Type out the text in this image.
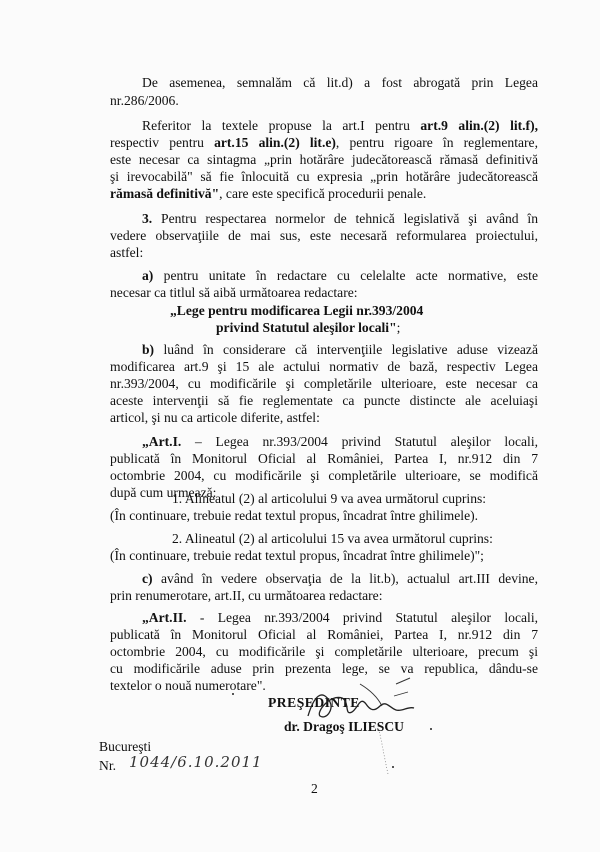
De asemenea, semnalăm că lit.d) a fost abrogată prin Legea
nr.286/2006.
Referitor la textele propuse la art.I pentru art.9 alin.(2) lit.f),
respectiv pentru art.15 alin.(2) lit.e), pentru rigoare în reglementare,
este necesar ca sintagma „prin hotărâre judecătorească rămasă definitivă
şi irevocabilă" să fie înlocuită cu expresia „prin hotărâre judecătorească
rămasă definitivă", care este specifică procedurii penale.
3. Pentru respectarea normelor de tehnică legislativă şi având în
vedere observaţiile de mai sus, este necesară reformularea proiectului,
astfel:
a) pentru unitate în redactare cu celelalte acte normative, este
necesar ca titlul să aibă următoarea redactare:
„Lege pentru modificarea Legii nr.393/2004
privind Statutul aleşilor locali";
b) luând în considerare că intervenţiile legislative aduse vizează
modificarea art.9 şi 15 ale actului normativ de bază, respectiv Legea
nr.393/2004, cu modificările şi completările ulterioare, este necesar ca
aceste intervenţii să fie reglementate ca puncte distincte ale aceluiaşi
articol, şi nu ca articole diferite, astfel:
„Art.I. – Legea nr.393/2004 privind Statutul aleşilor locali,
publicată în Monitorul Oficial al României, Partea I, nr.912 din 7
octombrie 2004, cu modificările şi completările ulterioare, se modifică
după cum urmează:
1. Alineatul (2) al articolului 9 va avea următorul cuprins:
(În continuare, trebuie redat textul propus, încadrat între ghilimele).
2. Alineatul (2) al articolului 15 va avea următorul cuprins:
(În continuare, trebuie redat textul propus, încadrat între ghilimele)";
c) având în vedere observaţia de la lit.b), actualul art.III devine,
prin renumerotare, art.II, cu următoarea redactare:
„Art.II. - Legea nr.393/2004 privind Statutul aleşilor locali,
publicată în Monitorul Oficial al României, Partea I, nr.912 din 7
octombrie 2004, cu modificările şi completările ulterioare, precum şi
cu modificările aduse prin prezenta lege, se va republica, dându-se
textelor o nouă numerotare".
PREŞEDINTE
dr. Dragoş ILIESCU
Bucureşti
Nr. 1044/6.10.2011
2
